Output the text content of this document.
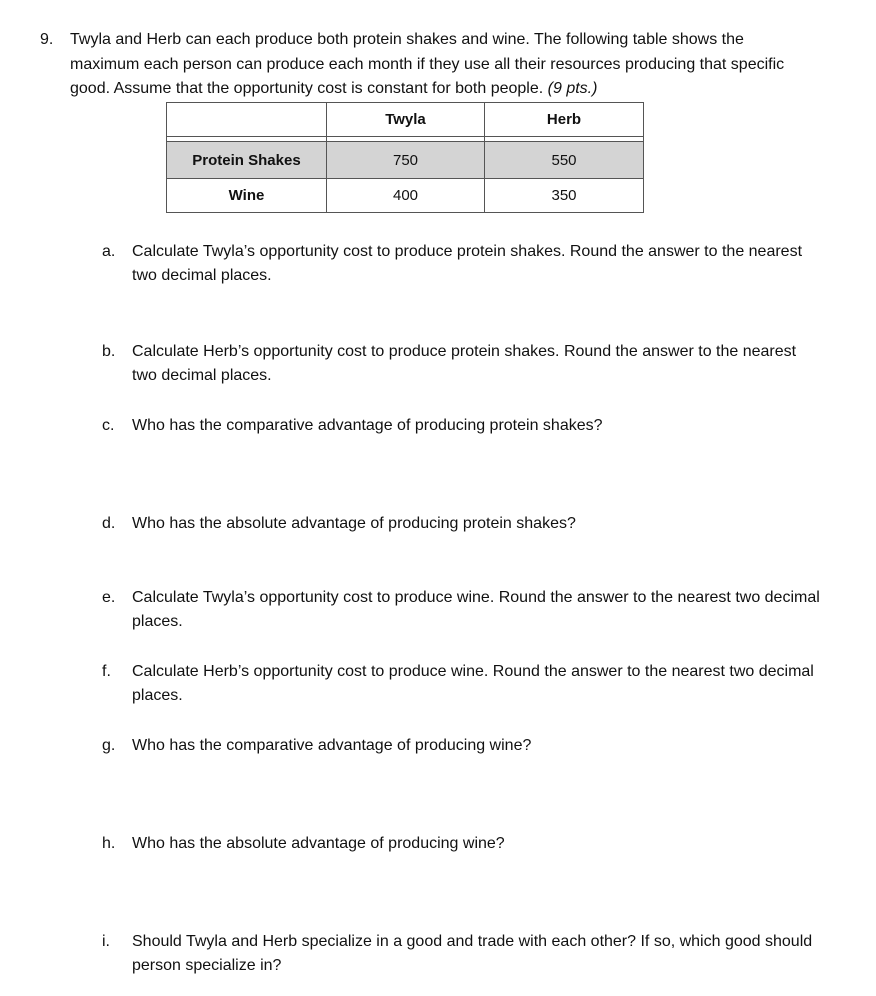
9. Twyla and Herb can each produce both protein shakes and wine. The following table shows the maximum each person can produce each month if they use all their resources producing that specific good. Assume that the opportunity cost is constant for both people. (9 pts.)
	Twyla	Herb

Protein Shakes	750	550
Wine	400	350
a.	Calculate Twyla’s opportunity cost to produce protein shakes. Round the answer to the nearest two decimal places.
b.	Calculate Herb’s opportunity cost to produce protein shakes. Round the answer to the nearest two decimal places.
c.	Who has the comparative advantage of producing protein shakes?
d.	Who has the absolute advantage of producing protein shakes?
e.	Calculate Twyla’s opportunity cost to produce wine. Round the answer to the nearest two decimal places.
f.	Calculate Herb’s opportunity cost to produce wine. Round the answer to the nearest two decimal places.
g.	Who has the comparative advantage of producing wine?
h.	Who has the absolute advantage of producing wine?
i.	Should Twyla and Herb specialize in a good and trade with each other? If so, which good should person specialize in?
